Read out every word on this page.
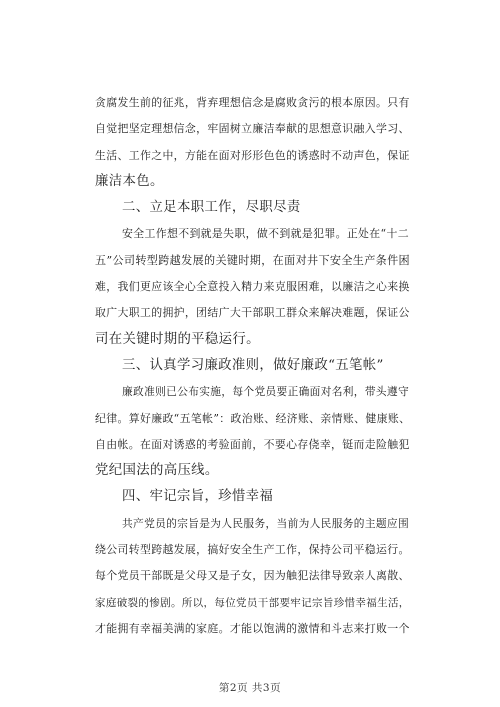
贪腐发生前的征兆，背弃理想信念是腐败贪污的根本原因。只有
自觉把坚定理想信念，牢固树立廉洁奉献的思想意识融入学习、
生活、工作之中，方能在面对形形色色的诱惑时不动声色，保证
廉洁本色。
二、立足本职工作，尽职尽责
安全工作想不到就是失职，做不到就是犯罪。正处在“十二
五”公司转型跨越发展的关键时期，在面对井下安全生产条件困
难，我们更应该全心全意投入精力来克服困难，以廉洁之心来换
取广大职工的拥护，团结广大干部职工群众来解决难题，保证公
司在关键时期的平稳运行。
三、认真学习廉政准则，做好廉政“五笔帐”
廉政准则已公布实施，每个党员要正确面对名利，带头遵守
纪律。算好廉政“五笔帐”：政治账、经济账、亲情账、健康账、
自由帐。在面对诱惑的考验面前，不要心存侥幸，铤而走险触犯
党纪国法的高压线。
四、牢记宗旨，珍惜幸福
共产党员的宗旨是为人民服务，当前为人民服务的主题应围
绕公司转型跨越发展，搞好安全生产工作，保持公司平稳运行。
每个党员干部既是父母又是子女，因为触犯法律导致亲人离散、
家庭破裂的惨剧。所以，每位党员干部要牢记宗旨珍惜幸福生活，
才能拥有幸福美满的家庭。才能以饱满的激情和斗志来打败一个
第2页 共3页
